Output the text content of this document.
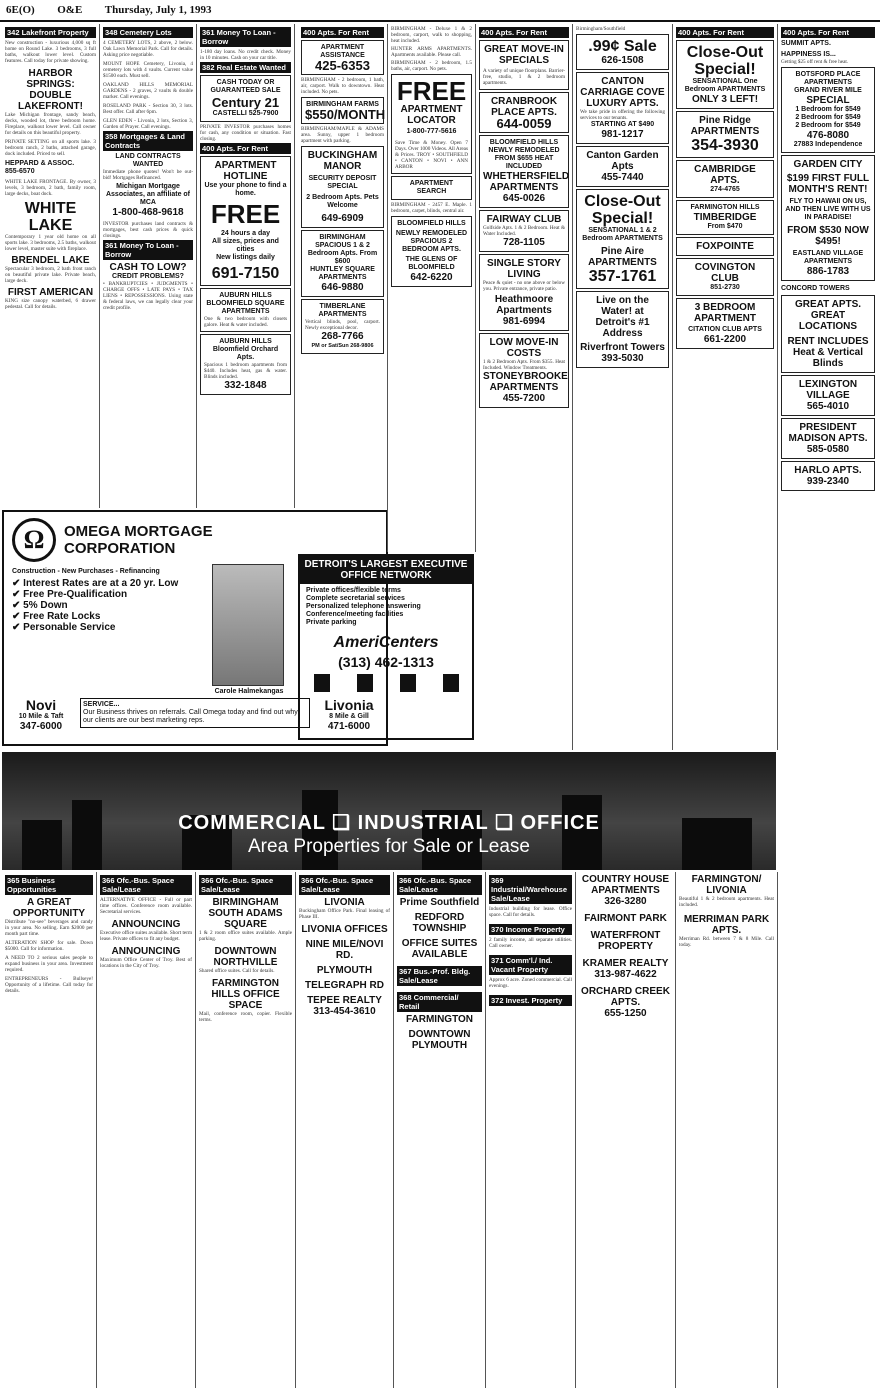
6E(O) O&E Thursday, July 1, 1993
342 Lakefront Property
New construction - luxurious 4,000 sq ft home on Round Lake. 3 bedrooms, 3 full baths, walkout lower level. Custom features. Call today for private showing.
HARBOR SPRINGS: DOUBLE LAKEFRONT!
Lake Michigan frontage, sandy beach, decks, wooded lot, three bedroom home. Fireplace, walkout lower level. Call owner for details on this beautiful property.
PRIVATE SETTING on all sports lake. 3 bedroom ranch, 2 baths, attached garage, dock included. Priced to sell.
HEPPARD & ASSOC.
855-6570
WHITE LAKE FRONTAGE. By owner, 3 levels, 3 bedroom, 2 bath, family room, large decks, boat dock.
WHITE LAKE
Contemporary 1 year old home on all sports lake. 3 bedrooms, 2.5 baths, walkout lower level, master suite with fireplace.
BRENDEL LAKE
Spectacular 3 bedroom, 2 bath front ranch on beautiful private lake. Private beach, large deck.
FIRST AMERICAN
KING size canopy waterbed, 6 drawer pedestal. Call for details.
348 Cemetery Lots
4 CEMETERY LOTS, 2 above, 2 below. Oak Lawn Memorial Park. Call for details. Asking price negotiable.
MOUNT HOPE Cemetery, Livonia, 4 cemetery lots with 4 vaults. Current value $1500 each. Must sell.
OAKLAND HILLS MEMORIAL GARDENS - 2 graves, 2 vaults & double marker. Call evenings.
ROSELAND PARK - Section 30, 3 lots. Best offer. Call after 6pm.
GLEN EDEN - Livonia, 2 lots, Section 3, Garden of Prayer. Call evenings.
358 Mortgages & Land Contracts
LAND CONTRACTS WANTED
Immediate phone quotes! Won't be out-bid! Mortgages Refinanced.
Michigan Mortgage Associates, an affiliate of MCA
1-800-468-9618
INVESTOR purchases land contracts & mortgages, best cash prices & quick closings.
361 Money To Loan - Borrow
CASH TO LOW?
CREDIT PROBLEMS?
• BANKRUPTCIES • JUDGMENTS • CHARGE OFFS • LATE PAYS • TAX LIENS • REPOSSESSIONS. Using state & federal laws, we can legally clear your credit profile.
361 Money To Loan - Borrow
1-180 day loans. No credit check. Money in 10 minutes. Cash on your car title.
382 Real Estate Wanted
CASH TODAY OR GUARANTEED SALE
Century 21
CASTELLI 525-7900
PRIVATE INVESTOR purchases homes for cash, any condition or situation. Fast closing.
400 Apts. For Rent
APARTMENT HOTLINE
Use your phone to find a home.
FREE
24 hours a day
All sizes, prices and cities
New listings daily
691-7150
AUBURN HILLS BLOOMFIELD SQUARE APARTMENTS
One & two bedroom with closets galore. Heat & water included.
AUBURN HILLS Bloomfield Orchard Apts.
Spacious 1 bedroom apartments from $440. Includes heat, gas & water. Blinds included.
332-1848
Ω	OMEGA MORTGAGE CORPORATION
Construction - New Purchases - Refinancing
✔ Interest Rates are at a 20 yr. Low
✔ Free Pre-Qualification
✔ 5% Down
✔ Free Rate Locks
✔ Personable Service
Carole Halmekangas
Novi
10 Mile & Taft
347-6000
SERVICE...
Our Business thrives on referrals. Call Omega today and find out why our clients are our best marketing reps.
Livonia
8 Mile & Gill
471-6000
400 Apts. For Rent
APARTMENT ASSISTANCE
425-6353
BIRMINGHAM - 2 bedroom, 1 bath, air, carport. Walk to downtown. Heat included. No pets.
BIRMINGHAM FARMS
$550/MONTH
BIRMINGHAM/MAPLE & ADAMS area. Sunny, upper 1 bedroom apartment with parking.
BUCKINGHAM MANOR
SECURITY DEPOSIT SPECIAL
2 Bedroom Apts. Pets Welcome
649-6909
BIRMINGHAM
SPACIOUS 1 & 2 Bedroom Apts. From $600
HUNTLEY SQUARE APARTMENTS
646-9880
TIMBERLANE APARTMENTS
Vertical blinds, pool, carport. Newly exceptional decor.
268-7766
PM or Sat/Sun 268-9806
BIRMINGHAM - Deluxe 1 & 2 bedroom, carport, walk to shopping, heat included.
HUNTER ARMS APARTMENTS. Apartments available. Please call.
BIRMINGHAM - 2 bedroom, 1.5 baths, air, carport. No pets.
FREE
APARTMENT LOCATOR
1-800-777-5616
Save Time & Money. Open 7 Days. Over 1000 Videos. All Areas & Prices. TROY • SOUTHFIELD • CANTON • NOVI • ANN ARBOR
APARTMENT SEARCH
BIRMINGHAM - 2457 E. Maple. 1 bedroom, carpet, blinds, central air.
BLOOMFIELD HILLS
NEWLY REMODELED SPACIOUS 2 BEDROOM APTS.
THE GLENS OF BLOOMFIELD
642-6220
DETROIT'S LARGEST EXECUTIVE OFFICE NETWORK
Private offices/flexible terms
Complete secretarial services
Personalized telephone answering
Conference/meeting facilities
Private parking
AmeriCenters
(313) 462-1313
400 Apts. For Rent
GREAT MOVE-IN SPECIALS
A variety of unique floorplans. Barrier-free, studio, 1 & 2 bedroom apartments.
CRANBROOK PLACE APTS.
644-0059
BLOOMFIELD HILLS NEWLY REMODELED
FROM $655 HEAT INCLUDED
WHETHERSFIELD APARTMENTS
645-0026
FAIRWAY CLUB
Golfside Apts. 1 & 2 Bedroom. Heat & Water Included.
728-1105
SINGLE STORY LIVING
Peace & quiet - no one above or below you. Private entrance, private patio.
Heathmoore Apartments
981-6994
LOW MOVE-IN COSTS
1 & 2 Bedroom Apts. From $355. Heat Included. Window Treatments.
STONEYBROOKE APARTMENTS
455-7200
Birmingham/Southfield
.99¢ Sale
626-1508
CANTON CARRIAGE COVE LUXURY APTS.
We take pride in offering the following services to our tenants.
STARTING AT $490
981-1217
Canton Garden Apts
455-7440
Close-Out Special!
SENSATIONAL 1 & 2 Bedroom APARTMENTS
Pine Aire APARTMENTS
357-1761
Live on the Water! at Detroit's #1 Address
Riverfront Towers
393-5030
400 Apts. For Rent
Close-Out Special!
SENSATIONAL One Bedroom APARTMENTS
ONLY 3 LEFT!
Pine Ridge APARTMENTS
354-3930
CAMBRIDGE APTS.
274-4765
FARMINGTON HILLS
TIMBERIDGE
From $470
FOXPOINTE
COVINGTON CLUB
851-2730
3 BEDROOM APARTMENT
CITATION CLUB APTS
661-2200
400 Apts. For Rent
SUMMIT APTS.
HAPPINESS IS...
Getting $25 off rent & free heat.
BOTSFORD PLACE APARTMENTS
GRAND RIVER MILE
SPECIAL
1 Bedroom for $549
2 Bedroom for $549
2 Bedroom for $549
476-8080
27883 Independence
GARDEN CITY
$199 FIRST FULL MONTH'S RENT!
FLY TO HAWAII ON US, AND THEN LIVE WITH US IN PARADISE!
FROM $530 NOW $495!
EASTLAND VILLAGE APARTMENTS
886-1783
CONCORD TOWERS
GREAT APTS. GREAT LOCATIONS
RENT INCLUDES Heat & Vertical Blinds
LEXINGTON VILLAGE
565-4010
PRESIDENT MADISON APTS.
585-0580
HARLO APTS.
939-2340
COMMERCIAL ❑ INDUSTRIAL ❑ OFFICE
Area Properties for Sale or Lease
365 Business Opportunities
A GREAT OPPORTUNITY
Distribute "no-see" beverages and candy in your area. No selling. Earn $2000 per month part time.
ALTERATION SHOP for sale. Down $5000. Call for information.
A NEED TO 2 serious sales people to expand business in your area. Investment required.
ENTREPRENEURS - Bullseye! Opportunity of a lifetime. Call today for details.
366 Ofc.-Bus. Space Sale/Lease
ALTERNATIVE OFFICE - Full or part time offices. Conference room available. Secretarial services.
ANNOUNCING
Executive office suites available. Short term lease. Private offices to fit any budget.
ANNOUNCING
Maximum Office Center of Troy. Best of locations in the City of Troy.
366 Ofc.-Bus. Space Sale/Lease
BIRMINGHAM SOUTH ADAMS SQUARE
1 & 2 room office suites available. Ample parking.
DOWNTOWN NORTHVILLE
Shared office suites. Call for details.
FARMINGTON HILLS OFFICE SPACE
Mail, conference room, copier. Flexible terms.
366 Ofc.-Bus. Space Sale/Lease
LIVONIA
Buckingham Office Park. Final leasing of Phase III.
LIVONIA OFFICES
NINE MILE/NOVI RD.
PLYMOUTH
TELEGRAPH RD
TEPEE REALTY
313-454-3610
366 Ofc.-Bus. Space Sale/Lease
Prime Southfield
REDFORD TOWNSHIP
OFFICE SUITES AVAILABLE
367 Bus.-Prof. Bldg. Sale/Lease
368 Commercial/ Retail
FARMINGTON
DOWNTOWN PLYMOUTH
369 Industrial/Warehouse Sale/Lease
Industrial building for lease. Office space. Call for details.
370 Income Property
2 family income, all separate utilities. Call owner.
371 Comm'l./ Ind. Vacant Property
Approx 6 acre. Zoned commercial. Call evenings.
372 Invest. Property
COUNTRY HOUSE APARTMENTS
326-3280
FAIRMONT PARK
WATERFRONT PROPERTY
KRAMER REALTY
313-987-4622
ORCHARD CREEK APTS.
655-1250
FARMINGTON/ LIVONIA
Beautiful 1 & 2 bedroom apartments. Heat included.
MERRIMAN PARK APTS.
Merriman Rd. between 7 & 8 Mile. Call today.
